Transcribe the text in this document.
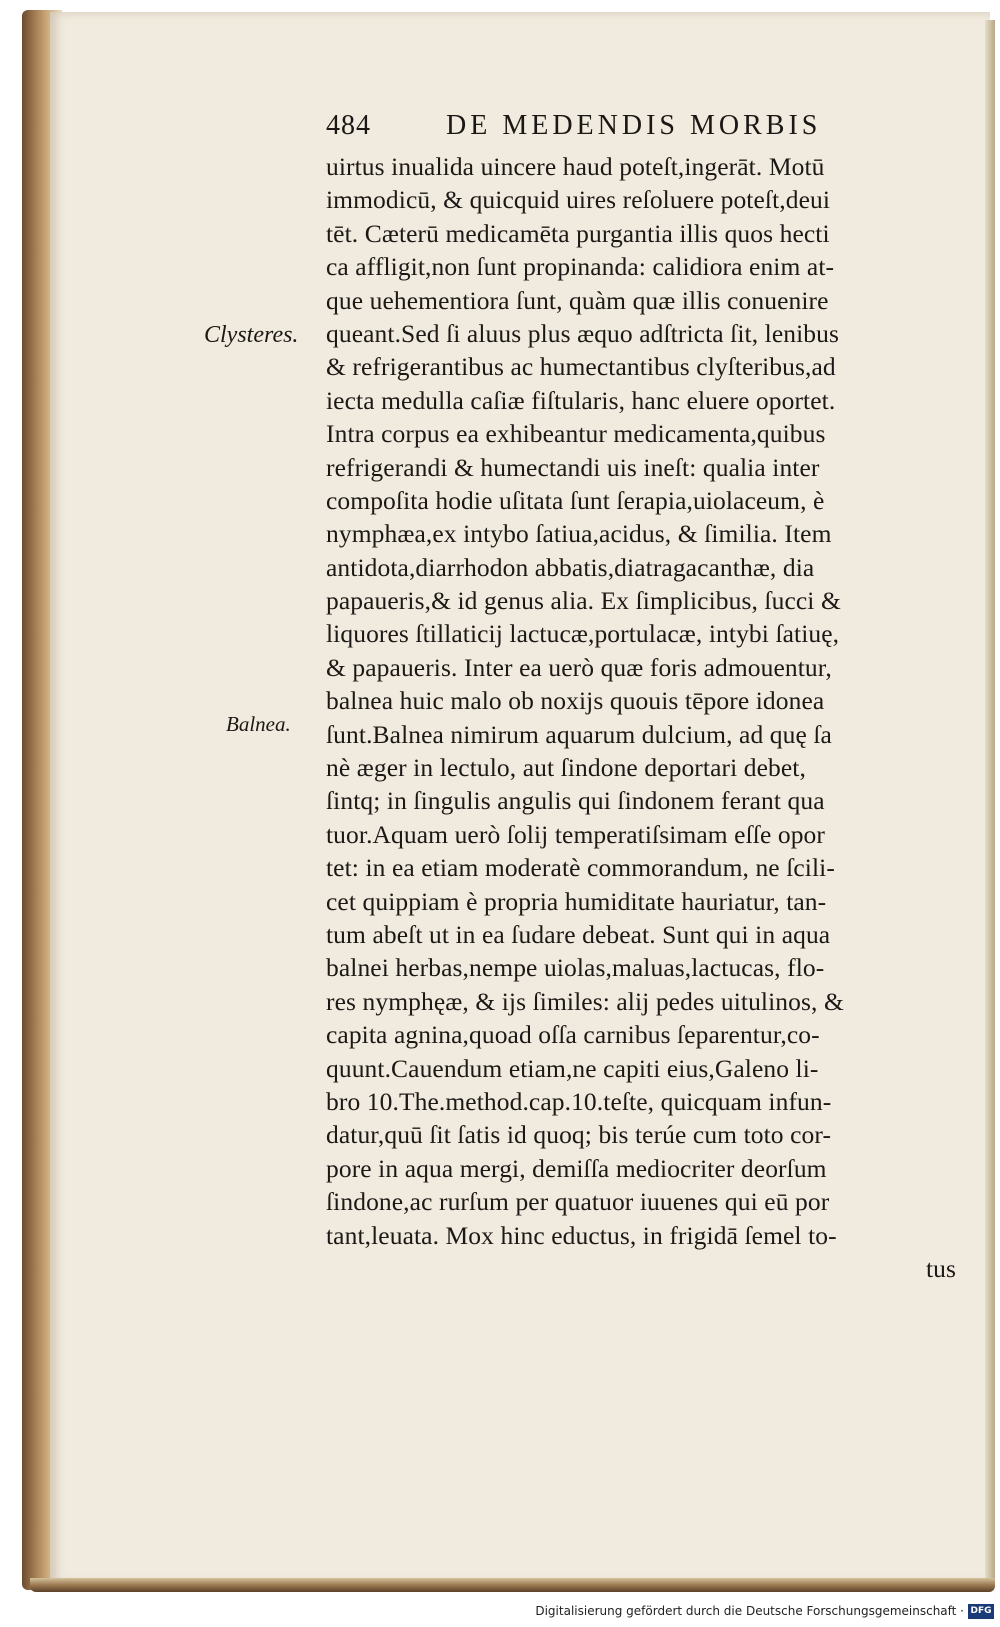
484	DE MEDENDIS MORBIS
Clysteres.
Balnea.
uirtus inualida uincere haud poteſt,ingerāt. Motū
immodicū, & quicquid uires reſoluere poteſt,deui
tēt. Cæterū medicamēta purgantia illis quos hecti
ca affligit,non ſunt propinanda: calidiora enim at-
que uehementiora ſunt, quàm quæ illis conuenire
queant.Sed ſi aluus plus æquo adſtricta ſit, lenibus
& refrigerantibus ac humectantibus clyſteribus,ad
iecta medulla caſiæ fiſtularis, hanc eluere oportet.
Intra corpus ea exhibeantur medicamenta,quibus
refrigerandi & humectandi uis ineſt: qualia inter
compoſita hodie uſitata ſunt ſerapia,uiolaceum, è
nymphæa,ex intybo ſatiua,acidus, & ſimilia. Item
antidota,diarrhodon abbatis,diatragacanthæ, dia
papaueris,& id genus alia. Ex ſimplicibus, ſucci &
liquores ſtillaticij lactucæ,portulacæ, intybi ſatiuę,
& papaueris. Inter ea uerò quæ foris admouentur,
balnea huic malo ob noxijs quouis tēpore idonea
ſunt.Balnea nimirum aquarum dulcium, ad quę ſa
nè æger in lectulo, aut ſindone deportari debet,
ſintq; in ſingulis angulis qui ſindonem ferant qua
tuor.Aquam uerò ſolij temperatiſsimam eſſe opor
tet: in ea etiam moderatè commorandum, ne ſcili-
cet quippiam è propria humiditate hauriatur, tan-
tum abeſt ut in ea ſudare debeat. Sunt qui in aqua
balnei herbas,nempe uiolas,maluas,lactucas, flo-
res nymphęæ, & ijs ſimiles: alij pedes uitulinos, &
capita agnina,quoad oſſa carnibus ſeparentur,co-
quunt.Cauendum etiam,ne capiti eius,Galeno li-
bro 10.The.method.cap.10.teſte, quicquam infun-
datur,quū ſit ſatis id quoq; bis terúe cum toto cor-
pore in aqua mergi, demiſſa mediocriter deorſum
ſindone,ac rurſum per quatuor iuuenes qui eū por
tant,leuata. Mox hinc eductus, in frigidā ſemel to-
tus
Digitalisierung gefördert durch die Deutsche Forschungsgemeinschaft · DFG
